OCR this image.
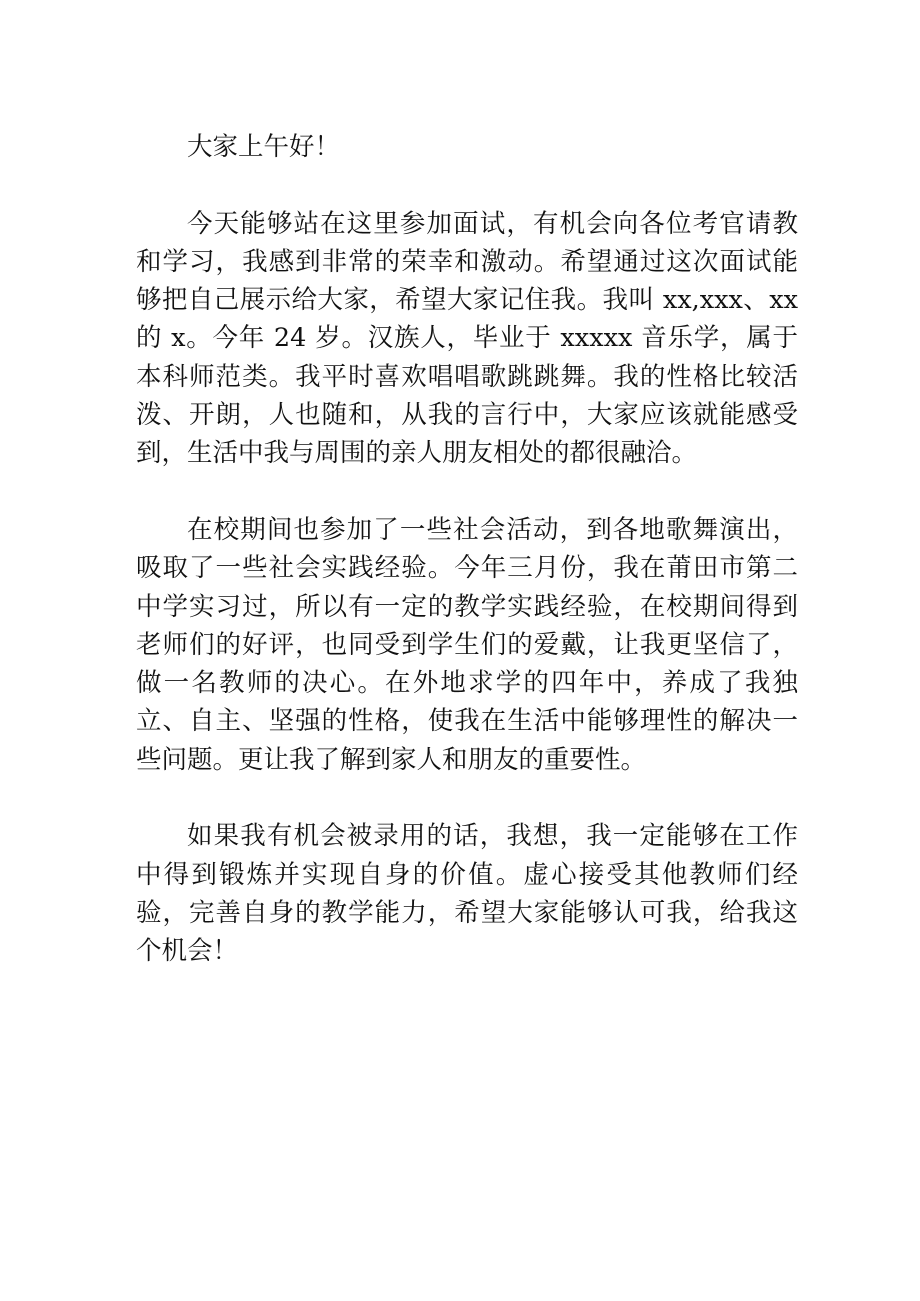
大家上午好！

今天能够站在这里参加面试，有机会向各位考官请教和学习，我感到非常的荣幸和激动。希望通过这次面试能够把自己展示给大家，希望大家记住我。我叫 xx,xxx、xx 的 x。今年 24 岁。汉族人，毕业于 xxxxx 音乐学，属于本科师范类。我平时喜欢唱唱歌跳跳舞。我的性格比较活泼、开朗，人也随和，从我的言行中，大家应该就能感受到，生活中我与周围的亲人朋友相处的都很融洽。

在校期间也参加了一些社会活动，到各地歌舞演出，吸取了一些社会实践经验。今年三月份，我在莆田市第二中学实习过，所以有一定的教学实践经验，在校期间得到老师们的好评，也同受到学生们的爱戴，让我更坚信了，做一名教师的决心。在外地求学的四年中，养成了我独立、自主、坚强的性格，使我在生活中能够理性的解决一些问题。更让我了解到家人和朋友的重要性。

如果我有机会被录用的话，我想，我一定能够在工作中得到锻炼并实现自身的价值。虚心接受其他教师们经验，完善自身的教学能力，希望大家能够认可我，给我这个机会！
